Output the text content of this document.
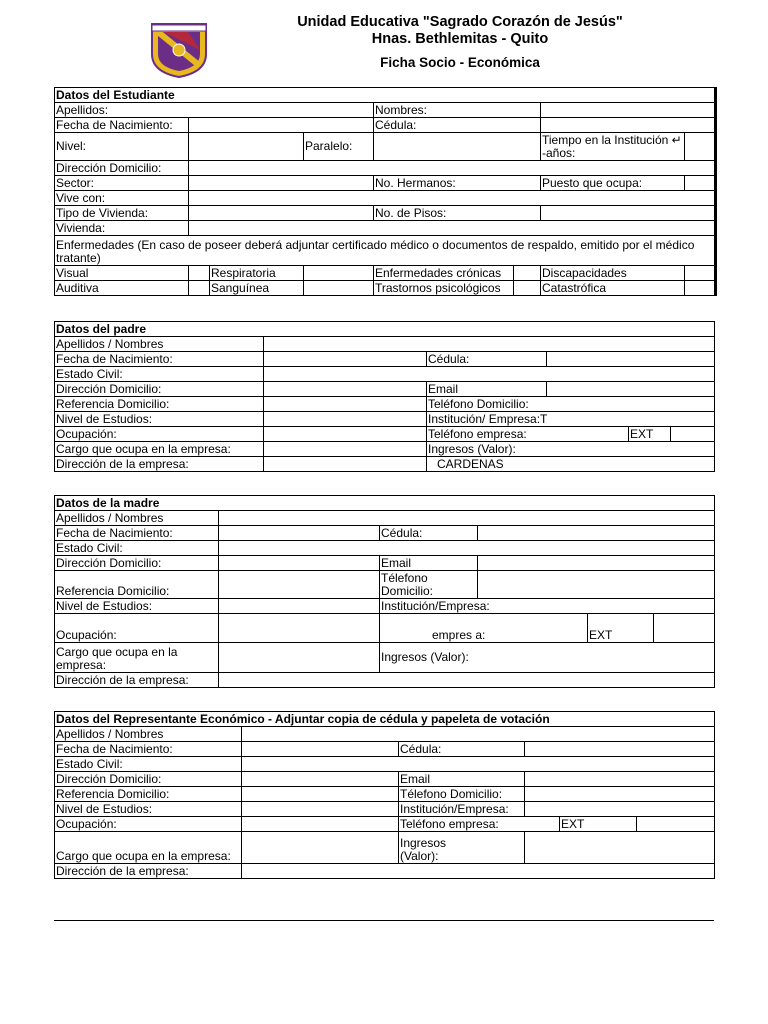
Unidad Educativa "Sagrado Corazón de Jesús"
Hnas. Bethlemitas - Quito
Ficha Socio - Económica
Datos del Estudiante							
Apellidos:				Nombres:			
Fecha de Nacimiento:				Cédula:			
Nivel:			Paralelo:			Tiempo en la Institución ↵ -años:	
Dirección Domicilio:							
Sector:				No. Hermanos:		Puesto que ocupa:	
Vive con:							
Tipo de Vivienda:				No. de Pisos:			
Vivienda:							
Enfermedades (En caso de poseer deberá adjuntar certificado médico o documentos de respaldo, emitido por el médico tratante)							
Visual		Respiratoria		Enfermedades crónicas		Discapacidades	
Auditiva		Sanguínea		Trastornos psicológicos		Catastrófica	
Datos del padre					
Apellidos / Nombres					
Fecha de Nacimiento:		Cédula:			
Estado Civil:					
Dirección Domicilio:		Email			
Referencia Domicilio:		Teléfono Domicilio:			
Nivel de Estudios:		Institución/ Empresa:T			
Ocupación:		Teléfono empresa:		EXT	
Cargo que ocupa en la empresa:		Ingresos (Valor):			
Dirección de la empresa:		CARDENAS			
Datos de la madre					
Apellidos / Nombres					
Fecha de Nacimiento:		Cédula:			
Estado Civil:					
Dirección Domicilio:		Email			
Referencia Domicilio:		Télefono Domicilio:			
Nivel de Estudios:		Institución/Empresa:			
Ocupación:		empres a:		EXT	
Cargo que ocupa en la empresa:		Ingresos (Valor):			
Dirección de la empresa:					
Datos del Representante Económico - Adjuntar copia de cédula y papeleta de votación					
Apellidos / Nombres					
Fecha de Nacimiento:		Cédula:			
Estado Civil:					
Dirección Domicilio:		Email			
Referencia Domicilio:		Télefono Domicilio:			
Nivel de Estudios:		Institución/Empresa:			
Ocupación:		Teléfono empresa:		EXT	
Cargo que ocupa en la empresa:		Ingresos (Valor):			
Dirección de la empresa:					
